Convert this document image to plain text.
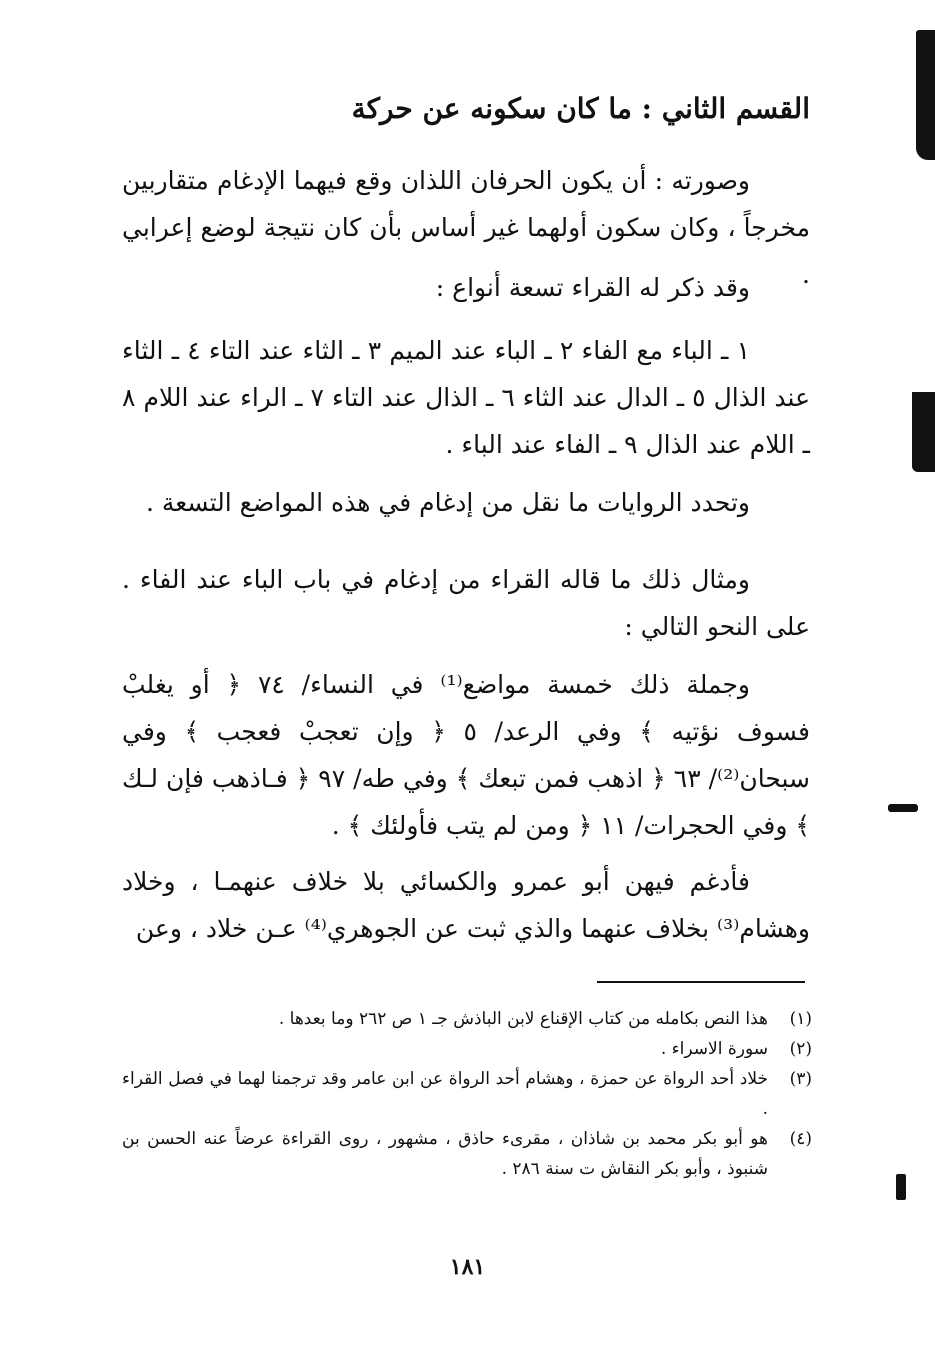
القسم الثاني : ما كان سكونه عن حركة
وصورته : أن يكون الحرفان اللذان وقع فيهما الإدغام متقاربين مخرجاً ، وكان سكون أولهما غير أساس بأن كان نتيجة لوضع إعرابي .
وقد ذكر له القراء تسعة أنواع :
١ ـ الباء مع الفاء ٢ ـ الباء عند الميم ٣ ـ الثاء عند التاء ٤ ـ الثاء عند الذال ٥ ـ الدال عند الثاء ٦ ـ الذال عند التاء ٧ ـ الراء عند اللام ٨ ـ اللام عند الذال ٩ ـ الفاء عند الباء .
وتحدد الروايات ما نقل من إدغام في هذه المواضع التسعة .
ومثال ذلك ما قاله القراء من إدغام في باب الباء عند الفاء . على النحو التالي :
وجملة ذلك خمسة مواضع⁽¹⁾ في النساء/ ٧٤ ﴿ أو يغلبْ فسوف نؤتيه ﴾ وفي الرعد/ ٥ ﴿ وإن تعجبْ فعجب ﴾ وفي سبحان⁽²⁾/ ٦٣ ﴿ اذهب فمن تبعك ﴾ وفي طه/ ٩٧ ﴿ فـاذهب فإن لـك ﴾ وفي الحجرات/ ١١ ﴿ ومن لم يتب فأولئك ﴾ .
فأدغم فيهن أبو عمرو والكسائي بلا خلاف عنهمـا ، وخلاد وهشام⁽³⁾ بخلاف عنهما والذي ثبت عن الجوهري⁽⁴⁾ عـن خلاد ، وعن
(١)
هذا النص بكامله من كتاب الإقناع لابن الباذش جـ ١ ص ٢٦٢ وما بعدها .
(٢)
سورة الاسراء .
(٣)
خلاد أحد الرواة عن حمزة ، وهشام أحد الرواة عن ابن عامر وقد ترجمنا لهما في فصل القراء .
(٤)
هو أبو بكر محمد بن شاذان ، مقرىء حاذق ، مشهور ، روى القراءة عرضاً عنه الحسن بن شنبوذ ، وأبو بكر النقاش ت سنة ٢٨٦ .
١٨١
